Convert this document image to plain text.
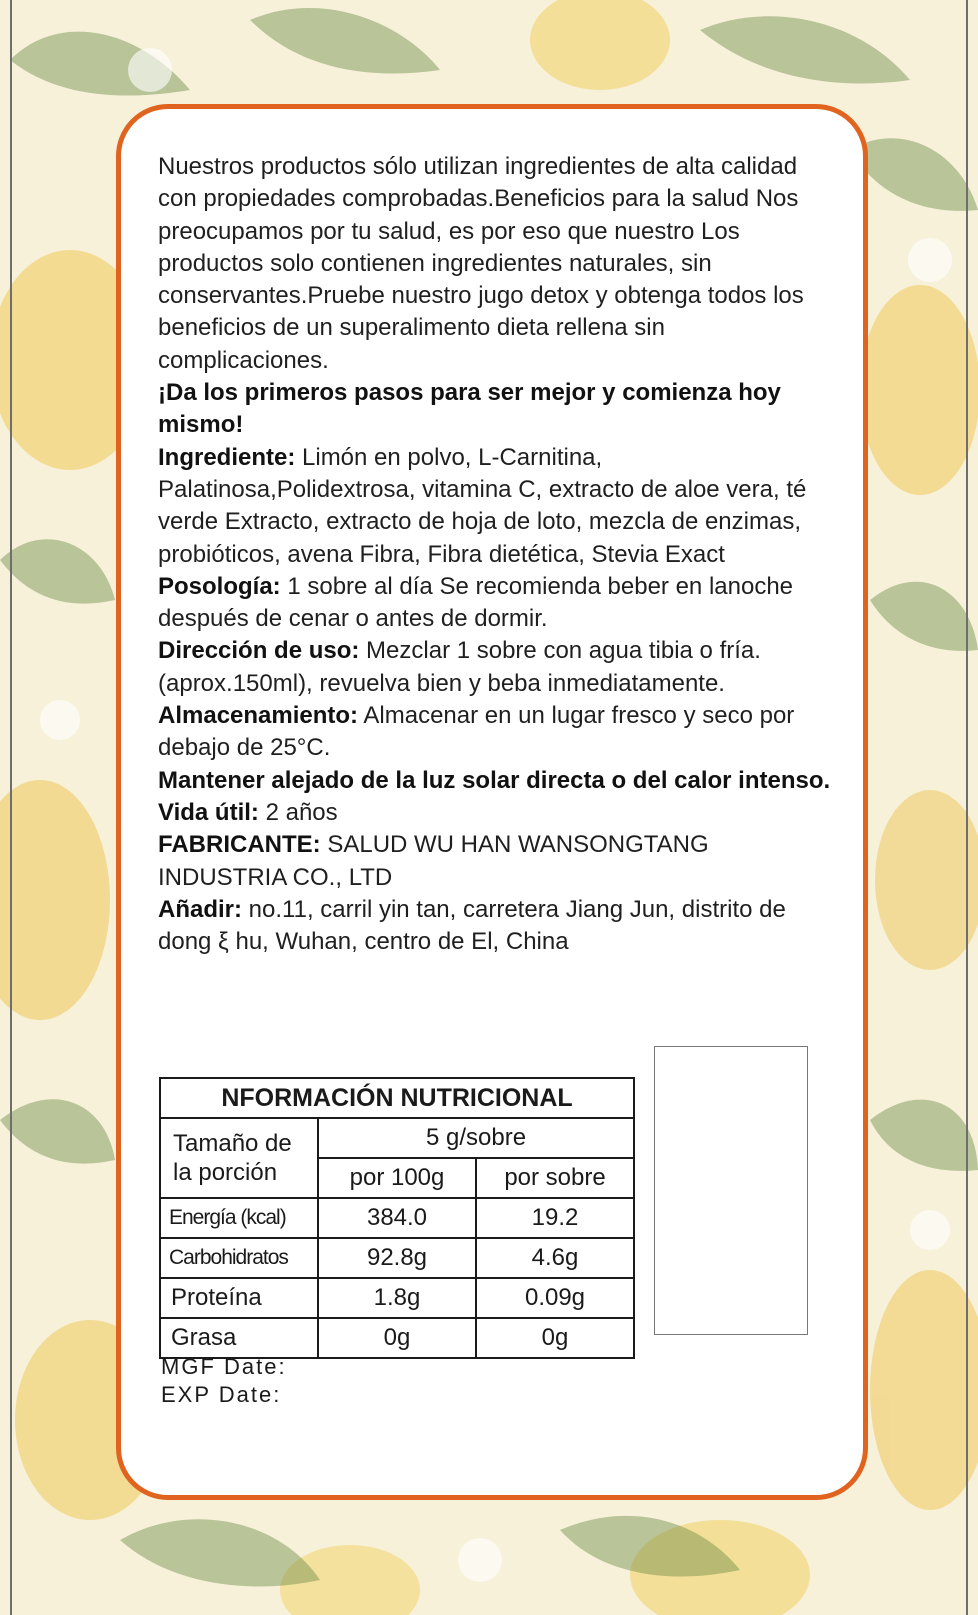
Nuestros productos sólo utilizan ingredientes de alta calidad con propiedades comprobadas.Beneficios para la salud Nos preocupamos por tu salud, es por eso que nuestro Los productos solo contienen ingredientes naturales, sin conservantes.Pruebe nuestro jugo detox y obtenga todos los beneficios de un superalimento dieta rellena sin complicaciones.

¡Da los primeros pasos para ser mejor y comienza hoy mismo!

Ingrediente: Limón en polvo, L-Carnitina, Palatinosa,Polidextrosa, vitamina C, extracto de aloe vera, té verde Extracto, extracto de hoja de loto, mezcla de enzimas, probióticos, avena Fibra, Fibra dietética, Stevia Exact

Posología: 1 sobre al día Se recomienda beber en lanoche después de cenar o antes de dormir.

Dirección de uso: Mezclar 1 sobre con agua tibia o fría.(aprox.150ml), revuelva bien y beba inmediatamente.

Almacenamiento: Almacenar en un lugar fresco y seco por debajo de 25°C.

Mantener alejado de la luz solar directa o del calor intenso.

Vida útil: 2 años

FABRICANTE: SALUD WU HAN WANSONGTANG INDUSTRIA CO., LTD

Añadir: no.11, carril yin tan, carretera Jiang Jun, distrito de dong ξ hu, Wuhan, centro de El, China

NFORMACIÓN NUTRICIONAL		
Tamaño de la porción	5 g/sobre	
	por 100g	por sobre
Energía (kcal)	384.0	19.2
Carbohidratos	92.8g	4.6g
Proteína	1.8g	0.09g
Grasa	0g	0g
MGF Date:
EXP Date:
